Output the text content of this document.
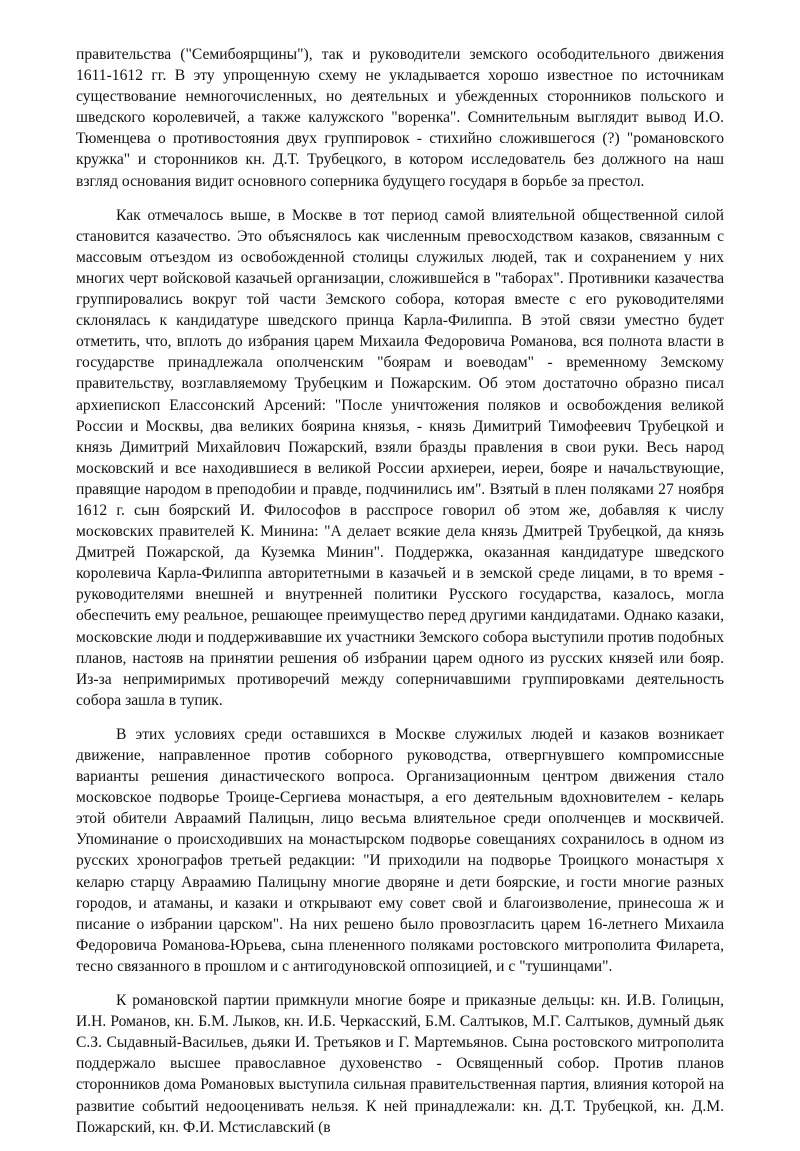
правительства ("Семибоярщины"), так и руководители земского осободительного движения 1611-1612 гг. В эту упрощенную схему не укладывается хорошо известное по источникам существование немногочисленных, но деятельных и убежденных сторонников польского и шведского королевичей, а также калужского "воренка". Сомнительным выглядит вывод И.О. Тюменцева о противостояния двух группировок - стихийно сложившегося (?) "романовского кружка" и сторонников кн. Д.Т. Трубецкого, в котором исследователь без должного на наш взгляд основания видит основного соперника будущего государя в борьбе за престол.

Как отмечалось выше, в Москве в тот период самой влиятельной общественной силой становится казачество. Это объяснялось как численным превосходством казаков, связанным с массовым отъездом из освобожденной столицы служилых людей, так и сохранением у них многих черт войсковой казачьей организации, сложившейся в "таборах". Противники казачества группировались вокруг той части Земского собора, которая вместе с его руководителями склонялась к кандидатуре шведского принца Карла-Филиппа. В этой связи уместно будет отметить, что, вплоть до избрания царем Михаила Федоровича Романова, вся полнота власти в государстве принадлежала ополченским "боярам и воеводам" - временному Земскому правительству, возглавляемому Трубецким и Пожарским. Об этом достаточно образно писал архиепископ Елассонский Арсений: "После уничтожения поляков и освобождения великой России и Москвы, два великих боярина князья, - князь Димитрий Тимофеевич Трубецкой и князь Димитрий Михайлович Пожарский, взяли бразды правления в свои руки. Весь народ московский и все находившиеся в великой России архиереи, иереи, бояре и начальствующие, правящие народом в преподобии и правде, подчинились им". Взятый в плен поляками 27 ноября 1612 г. сын боярский И. Философов в расспросе говорил об этом же, добавляя к числу московских правителей К. Минина: "А делает всякие дела князь Дмитрей Трубецкой, да князь Дмитрей Пожарской, да Куземка Минин". Поддержка, оказанная кандидатуре шведского королевича Карла-Филиппа авторитетными в казачьей и в земской среде лицами, в то время - руководителями внешней и внутренней политики Русского государства, казалось, могла обеспечить ему реальное, решающее преимущество перед другими кандидатами. Однако казаки, московские люди и поддерживавшие их участники Земского собора выступили против подобных планов, настояв на принятии решения об избрании царем одного из русских князей или бояр. Из-за непримиримых противоречий между соперничавшими группировками деятельность собора зашла в тупик.

В этих условиях среди оставшихся в Москве служилых людей и казаков возникает движение, направленное против соборного руководства, отвергнувшего компромиссные варианты решения династического вопроса. Организационным центром движения стало московское подворье Троице-Сергиева монастыря, а его деятельным вдохновителем - келарь этой обители Авраамий Палицын, лицо весьма влиятельное среди ополченцев и москвичей. Упоминание о происходивших на монастырском подворье совещаниях сохранилось в одном из русских хронографов третьей редакции: "И приходили на подворье Троицкого монастыря х келарю старцу Авраамию Палицыну многие дворяне и дети боярские, и гости многие разных городов, и атаманы, и казаки и открывают ему совет свой и благоизволение, принесоша ж и писание о избрании царском". На них решено было провозгласить царем 16-летнего Михаила Федоровича Романова-Юрьева, сына плененного поляками ростовского митрополита Филарета, тесно связанного в прошлом и с антигодуновской оппозицией, и с "тушинцами".

К романовской партии примкнули многие бояре и приказные дельцы: кн. И.В. Голицын, И.Н. Романов, кн. Б.М. Лыков, кн. И.Б. Черкасский, Б.М. Салтыков, М.Г. Салтыков, думный дьяк С.З. Сыдавный-Васильев, дьяки И. Третьяков и Г. Мартемьянов. Сына ростовского митрополита поддержало высшее православное духовенство - Освященный собор. Против планов сторонников дома Романовых выступила сильная правительственная партия, влияния которой на развитие событий недооценивать нельзя. К ней принадлежали: кн. Д.Т. Трубецкой, кн. Д.М. Пожарский, кн. Ф.И. Мстиславский (в
